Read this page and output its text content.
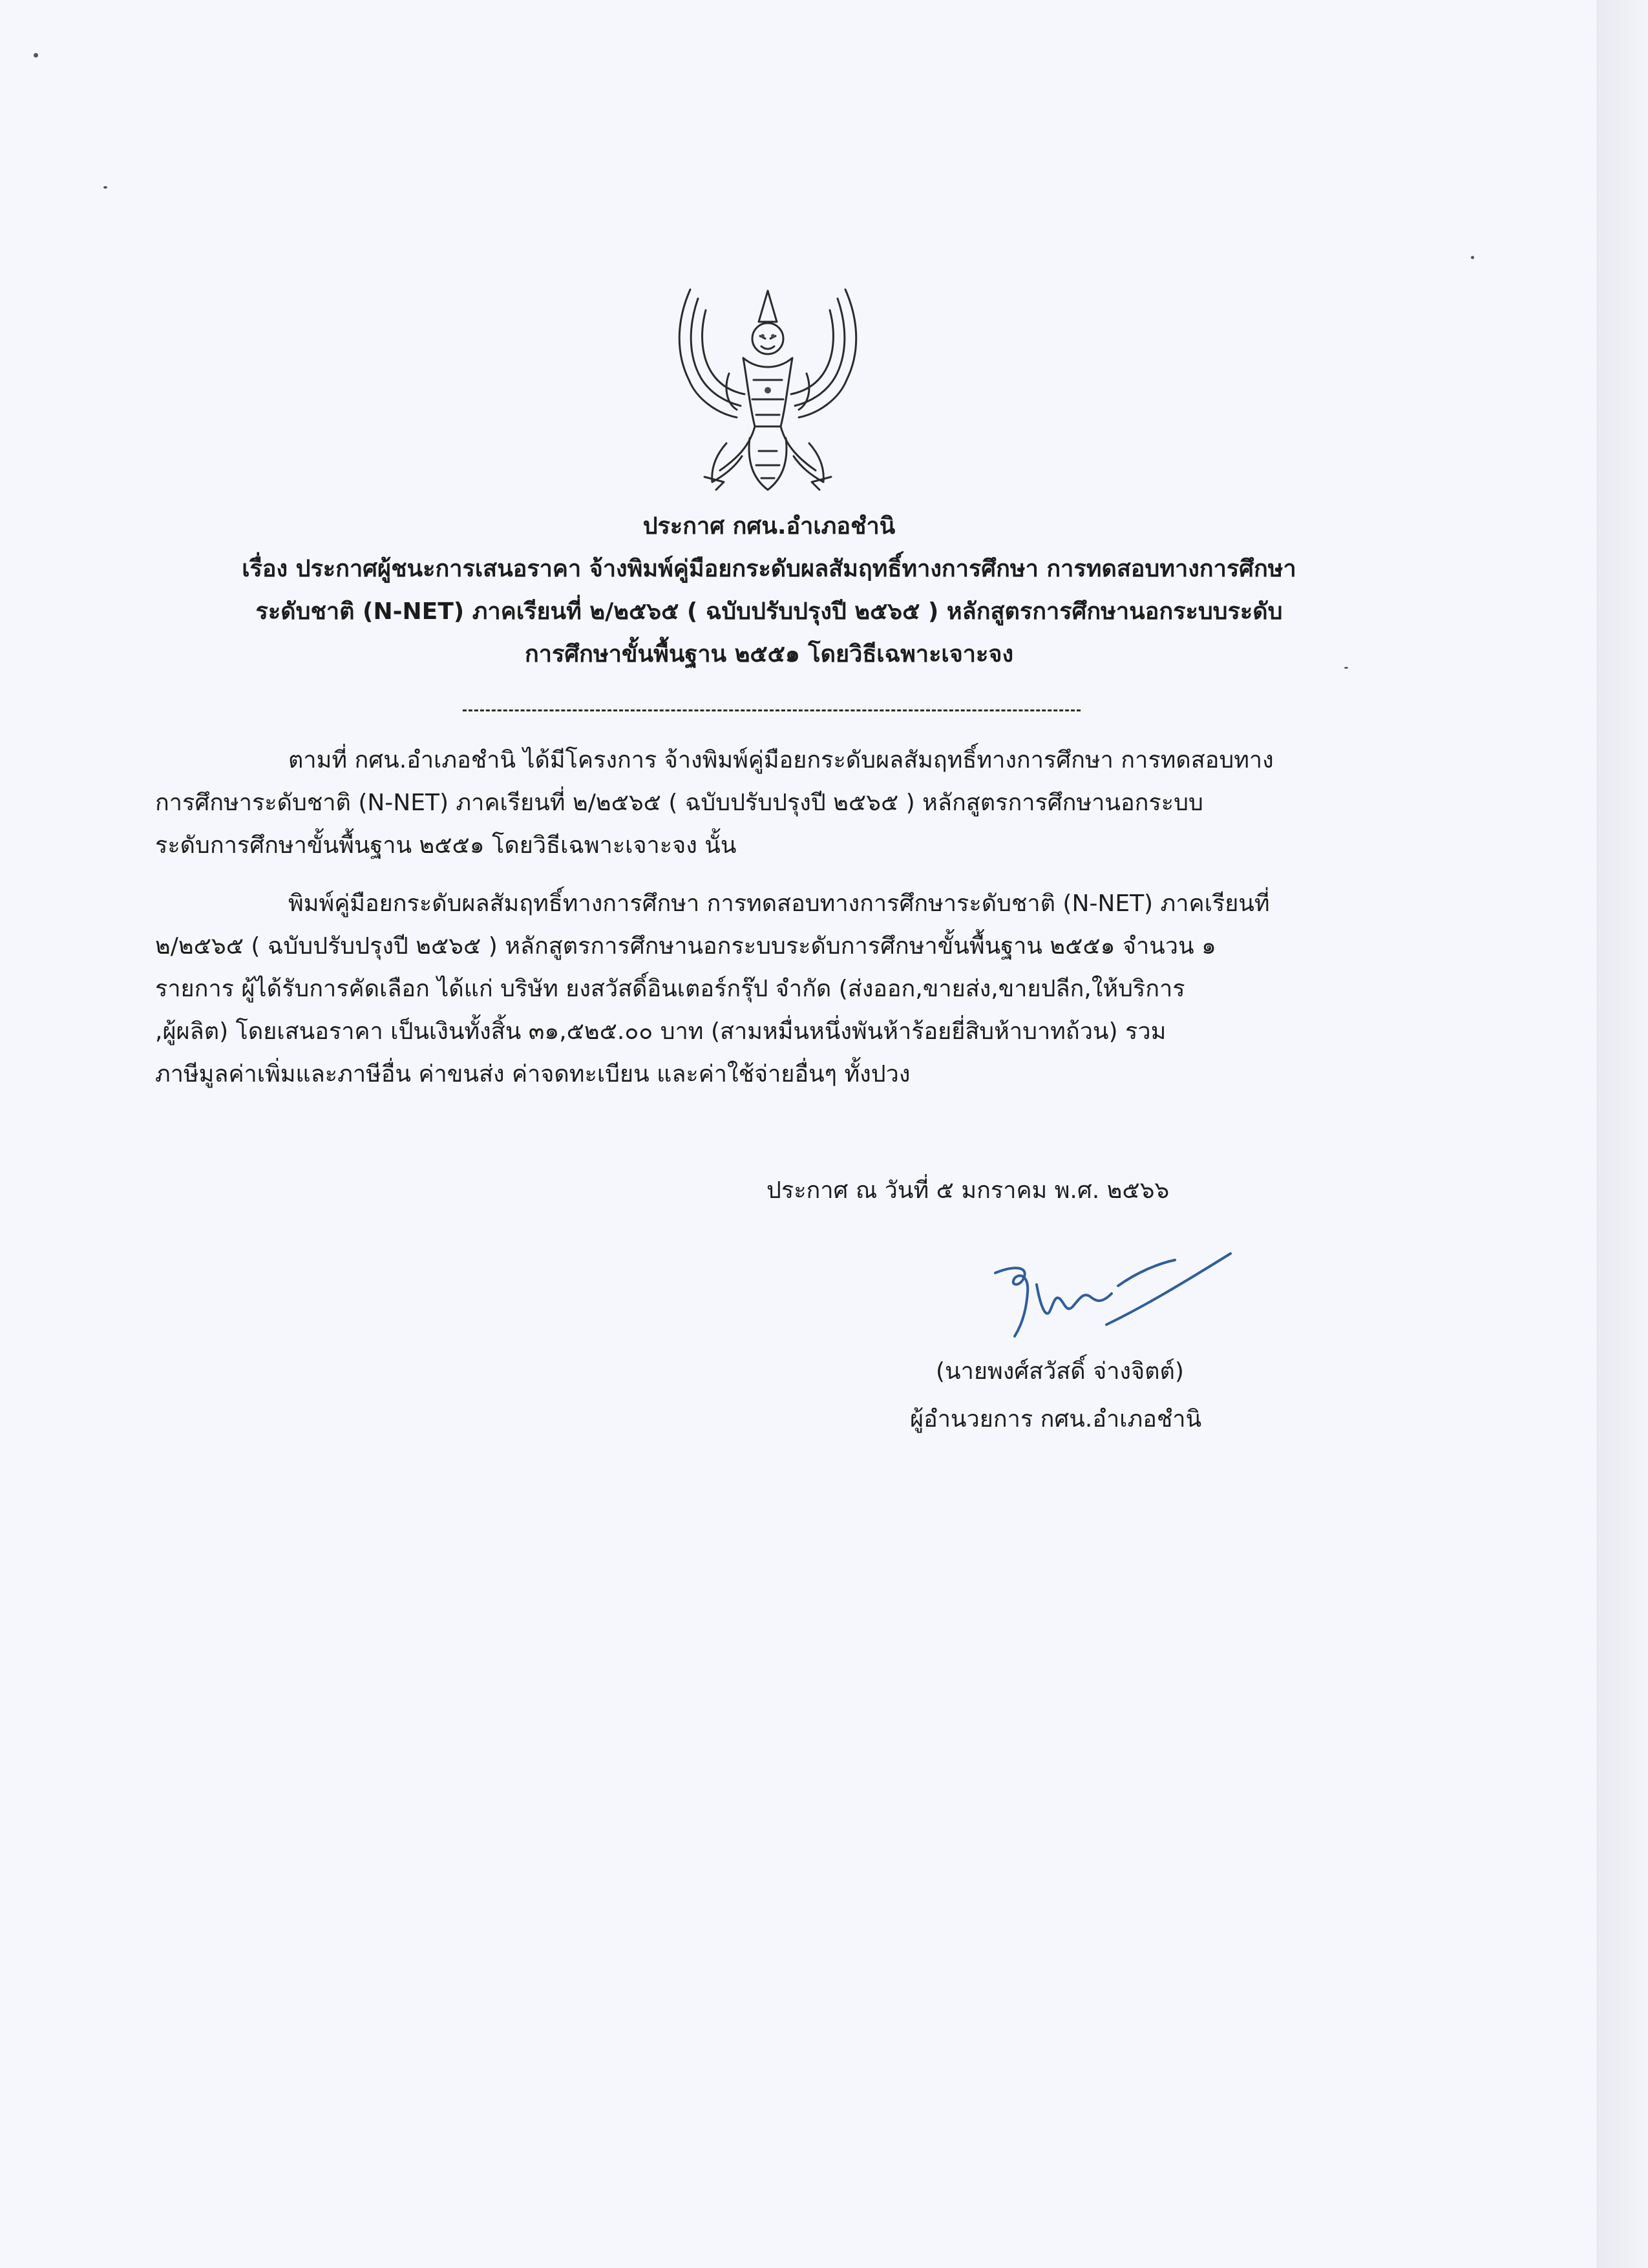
ประกาศ กศน.อำเภอชำนิ
เรื่อง ประกาศผู้ชนะการเสนอราคา จ้างพิมพ์คู่มือยกระดับผลสัมฤทธิ์ทางการศึกษา การทดสอบทางการศึกษา
ระดับชาติ (N-NET) ภาคเรียนที่ ๒/๒๕๖๕ ( ฉบับปรับปรุงปี ๒๕๖๕ ) หลักสูตรการศึกษานอกระบบระดับ
การศึกษาขั้นพื้นฐาน ๒๕๕๑ โดยวิธีเฉพาะเจาะจง
ตามที่ กศน.อำเภอชำนิ ได้มีโครงการ จ้างพิมพ์คู่มือยกระดับผลสัมฤทธิ์ทางการศึกษา การทดสอบทาง
การศึกษาระดับชาติ (N-NET) ภาคเรียนที่ ๒/๒๕๖๕ ( ฉบับปรับปรุงปี ๒๕๖๕ ) หลักสูตรการศึกษานอกระบบ
ระดับการศึกษาขั้นพื้นฐาน ๒๕๕๑ โดยวิธีเฉพาะเจาะจง นั้น
พิมพ์คู่มือยกระดับผลสัมฤทธิ์ทางการศึกษา การทดสอบทางการศึกษาระดับชาติ (N-NET) ภาคเรียนที่
๒/๒๕๖๕ ( ฉบับปรับปรุงปี ๒๕๖๕ ) หลักสูตรการศึกษานอกระบบระดับการศึกษาขั้นพื้นฐาน ๒๕๕๑ จำนวน ๑
รายการ ผู้ได้รับการคัดเลือก ได้แก่ บริษัท ยงสวัสดิ์อินเตอร์กรุ๊ป จำกัด (ส่งออก,ขายส่ง,ขายปลีก,ให้บริการ
,ผู้ผลิต) โดยเสนอราคา เป็นเงินทั้งสิ้น ๓๑,๕๒๕.๐๐ บาท (สามหมื่นหนึ่งพันห้าร้อยยี่สิบห้าบาทถ้วน) รวม
ภาษีมูลค่าเพิ่มและภาษีอื่น ค่าขนส่ง ค่าจดทะเบียน และค่าใช้จ่ายอื่นๆ ทั้งปวง
ประกาศ ณ วันที่ ๕ มกราคม พ.ศ. ๒๕๖๖
(นายพงศ์สวัสดิ์ จ่างจิตต์)
ผู้อำนวยการ กศน.อำเภอชำนิ
